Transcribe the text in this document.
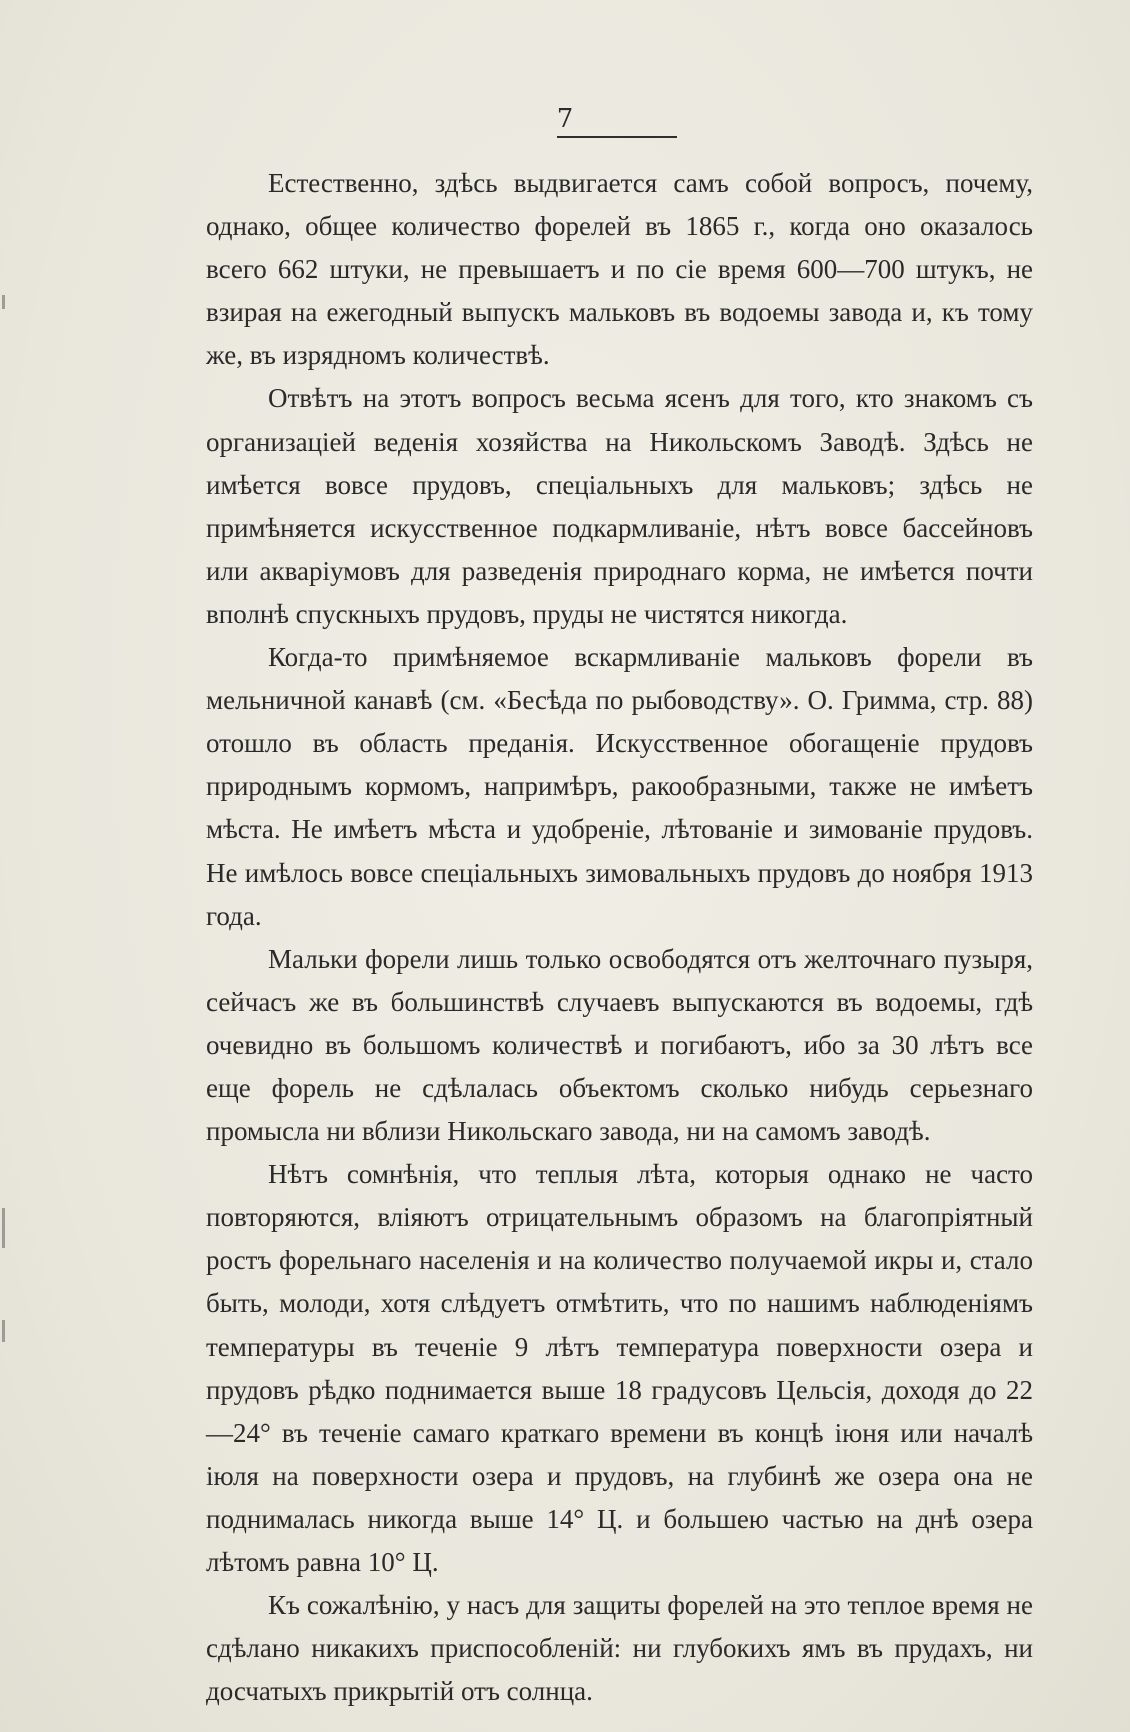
7

Естественно, здѣсь выдвигается самъ собой вопросъ, почему, однако, общее количество форелей въ 1865 г., когда оно оказалось всего 662 штуки, не превышаетъ и по сіе время 600—700 штукъ, не взирая на ежегодный выпускъ мальковъ въ водоемы завода и, къ тому же, въ изрядномъ количествѣ.

Отвѣтъ на этотъ вопросъ весьма ясенъ для того, кто знакомъ съ организаціей веденія хозяйства на Никольскомъ Заводѣ. Здѣсь не имѣется вовсе прудовъ, спеціальныхъ для мальковъ; здѣсь не примѣняется искусственное подкармливаніе, нѣтъ вовсе бассейновъ или акваріумовъ для разведенія природнаго корма, не имѣется почти вполнѣ спускныхъ прудовъ, пруды не чистятся никогда.

Когда-то примѣняемое вскармливаніе мальковъ форели въ мельничной канавѣ (см. «Бесѣда по рыбоводству». О. Гримма, стр. 88) отошло въ область преданія. Искусственное обогащеніе прудовъ природнымъ кормомъ, напримѣръ, ракообразными, также не имѣетъ мѣста. Не имѣетъ мѣста и удобреніе, лѣтованіе и зимованіе прудовъ. Не имѣлось вовсе спеціальныхъ зимовальныхъ прудовъ до ноября 1913 года.

Мальки форели лишь только освободятся отъ желточнаго пузыря, сейчасъ же въ большинствѣ случаевъ выпускаются въ водоемы, гдѣ очевидно въ большомъ количествѣ и погибаютъ, ибо за 30 лѣтъ все еще форель не сдѣлалась объектомъ сколько нибудь серьезнаго промысла ни вблизи Никольскаго завода, ни на самомъ заводѣ.

Нѣтъ сомнѣнія, что теплыя лѣта, которыя однако не часто повторяются, вліяютъ отрицательнымъ образомъ на благопріятный ростъ форельнаго населенія и на количество получаемой икры и, стало быть, молоди, хотя слѣдуетъ отмѣтить, что по нашимъ наблюденіямъ температуры въ теченіе 9 лѣтъ температура поверхности озера и прудовъ рѣдко поднимается выше 18 градусовъ Цельсія, доходя до 22—24° въ теченіе самаго краткаго времени въ концѣ іюня или началѣ іюля на поверхности озера и прудовъ, на глубинѣ же озера она не поднималась никогда выше 14° Ц. и большею частью на днѣ озера лѣтомъ равна 10° Ц.

Къ сожалѣнію, у насъ для защиты форелей на это теплое время не сдѣлано никакихъ приспособленій: ни глубокихъ ямъ въ прудахъ, ни досчатыхъ прикрытій отъ солнца.
